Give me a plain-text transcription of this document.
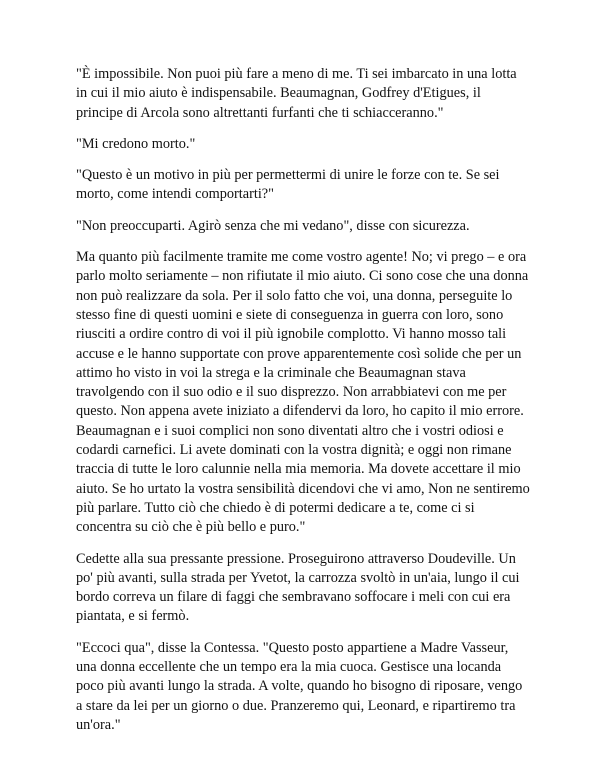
"È impossibile. Non puoi più fare a meno di me. Ti sei imbarcato in una lotta in cui il mio aiuto è indispensabile. Beaumagnan, Godfrey d'Etigues, il principe di Arcola sono altrettanti furfanti che ti schiacceranno."

"Mi credono morto."

"Questo è un motivo in più per permettermi di unire le forze con te. Se sei morto, come intendi comportarti?"

"Non preoccuparti. Agirò senza che mi vedano", disse con sicurezza.

Ma quanto più facilmente tramite me come vostro agente! No; vi prego – e ora parlo molto seriamente – non rifiutate il mio aiuto. Ci sono cose che una donna non può realizzare da sola. Per il solo fatto che voi, una donna, perseguite lo stesso fine di questi uomini e siete di conseguenza in guerra con loro, sono riusciti a ordire contro di voi il più ignobile complotto. Vi hanno mosso tali accuse e le hanno supportate con prove apparentemente così solide che per un attimo ho visto in voi la strega e la criminale che Beaumagnan stava travolgendo con il suo odio e il suo disprezzo. Non arrabbiatevi con me per questo. Non appena avete iniziato a difendervi da loro, ho capito il mio errore. Beaumagnan e i suoi complici non sono diventati altro che i vostri odiosi e codardi carnefici. Li avete dominati con la vostra dignità; e oggi non rimane traccia di tutte le loro calunnie nella mia memoria. Ma dovete accettare il mio aiuto. Se ho urtato la vostra sensibilità dicendovi che vi amo, Non ne sentiremo più parlare. Tutto ciò che chiedo è di potermi dedicare a te, come ci si concentra su ciò che è più bello e puro."

Cedette alla sua pressante pressione. Proseguirono attraverso Doudeville. Un po' più avanti, sulla strada per Yvetot, la carrozza svoltò in un'aia, lungo il cui bordo correva un filare di faggi che sembravano soffocare i meli con cui era piantata, e si fermò.

"Eccoci qua", disse la Contessa. "Questo posto appartiene a Madre Vasseur, una donna eccellente che un tempo era la mia cuoca. Gestisce una locanda poco più avanti lungo la strada. A volte, quando ho bisogno di riposare, vengo a stare da lei per un giorno o due. Pranzeremo qui, Leonard, e ripartiremo tra un'ora."
